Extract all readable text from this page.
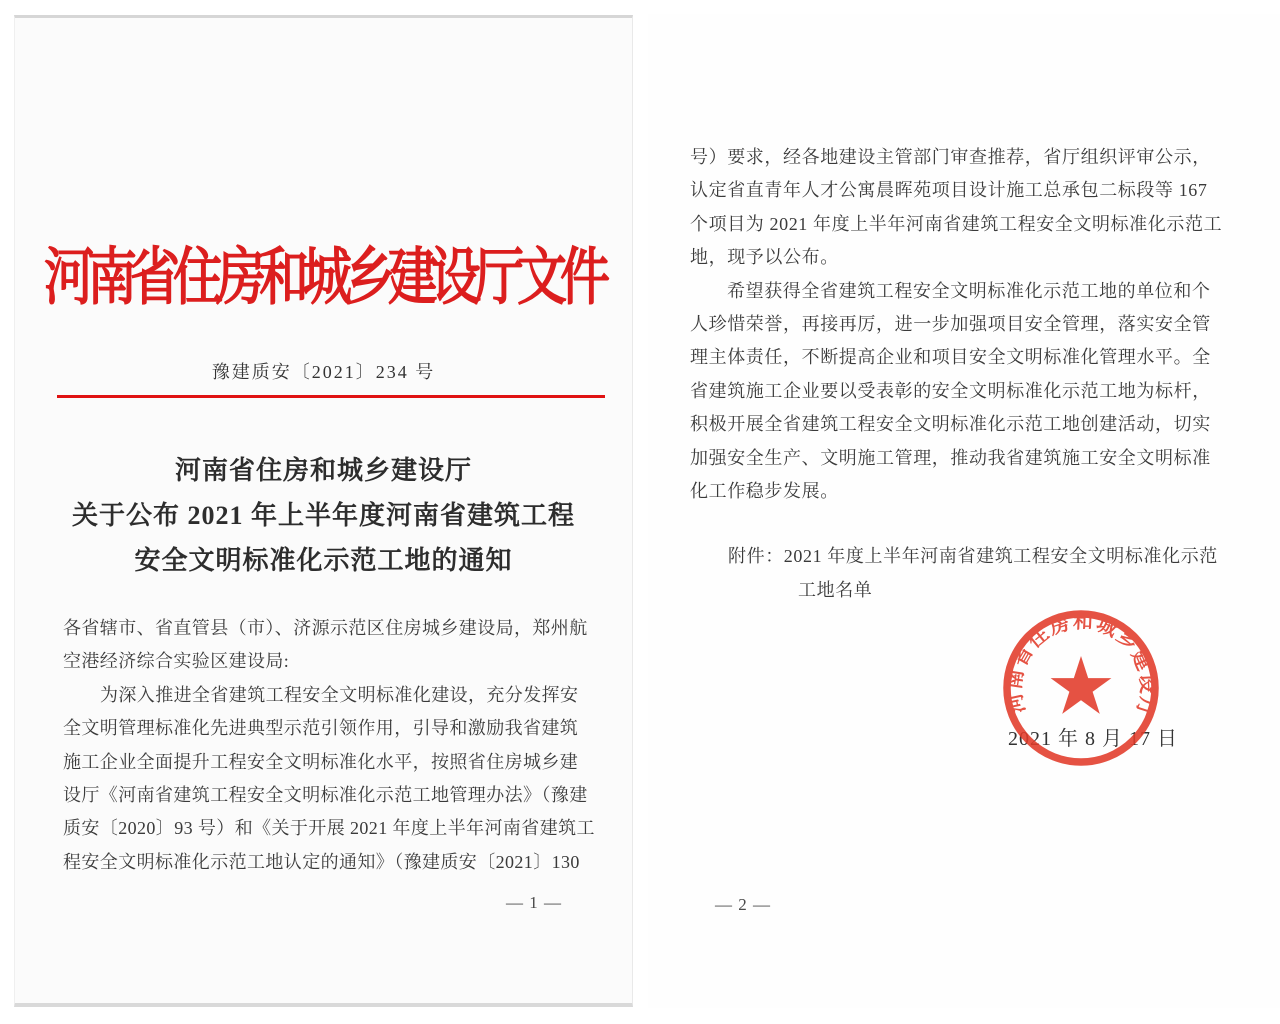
河南省住房和城乡建设厅文件
豫建质安〔2021〕234 号
河南省住房和城乡建设厅
关于公布 2021 年上半年度河南省建筑工程
安全文明标准化示范工地的通知
各省辖市、省直管县（市）、济源示范区住房城乡建设局，郑州航
空港经济综合实验区建设局:
为深入推进全省建筑工程安全文明标准化建设，充分发挥安
全文明管理标准化先进典型示范引领作用，引导和激励我省建筑
施工企业全面提升工程安全文明标准化水平，按照省住房城乡建
设厅《河南省建筑工程安全文明标准化示范工地管理办法》（豫建
质安〔2020〕93 号）和《关于开展 2021 年度上半年河南省建筑工
程安全文明标准化示范工地认定的通知》（豫建质安〔2021〕130
— 1 —
号）要求，经各地建设主管部门审查推荐，省厅组织评审公示，
认定省直青年人才公寓晨晖苑项目设计施工总承包二标段等 167
个项目为 2021 年度上半年河南省建筑工程安全文明标准化示范工
地，现予以公布。
希望获得全省建筑工程安全文明标准化示范工地的单位和个
人珍惜荣誉，再接再厉，进一步加强项目安全管理，落实安全管
理主体责任，不断提高企业和项目安全文明标准化管理水平。全
省建筑施工企业要以受表彰的安全文明标准化示范工地为标杆，
积极开展全省建筑工程安全文明标准化示范工地创建活动，切实
加强安全生产、文明施工管理，推动我省建筑施工安全文明标准
化工作稳步发展。
附件：2021 年度上半年河南省建筑工程安全文明标准化示范
工地名单
2021 年 8 月 17 日
河南省住房和城乡建设厅
— 2 —
